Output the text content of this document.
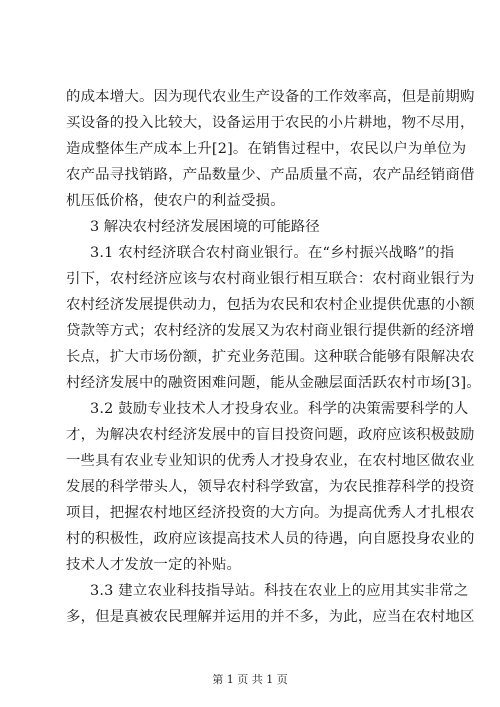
的成本增大。因为现代农业生产设备的工作效率高，但是前期购
买设备的投入比较大，设备运用于农民的小片耕地，物不尽用，
造成整体生产成本上升[2]。在销售过程中，农民以户为单位为
农产品寻找销路，产品数量少、产品质量不高，农产品经销商借
机压低价格，使农户的利益受损。

3 解决农村经济发展困境的可能路径

3.1 农村经济联合农村商业银行。在“乡村振兴战略”的指
引下，农村经济应该与农村商业银行相互联合：农村商业银行为
农村经济发展提供动力，包括为农民和农村企业提供优惠的小额
贷款等方式；农村经济的发展又为农村商业银行提供新的经济增
长点，扩大市场份额，扩充业务范围。这种联合能够有限解决农
村经济发展中的融资困难问题，能从金融层面活跃农村市场[3]。

3.2 鼓励专业技术人才投身农业。科学的决策需要科学的人
才，为解决农村经济发展中的盲目投资问题，政府应该积极鼓励
一些具有农业专业知识的优秀人才投身农业，在农村地区做农业
发展的科学带头人，领导农村科学致富，为农民推荐科学的投资
项目，把握农村地区经济投资的大方向。为提高优秀人才扎根农
村的积极性，政府应该提高技术人员的待遇，向自愿投身农业的
技术人才发放一定的补贴。

3.3 建立农业科技指导站。科技在农业上的应用其实非常之
多，但是真被农民理解并运用的并不多，为此，应当在农村地区

第 1 页 共 1 页
